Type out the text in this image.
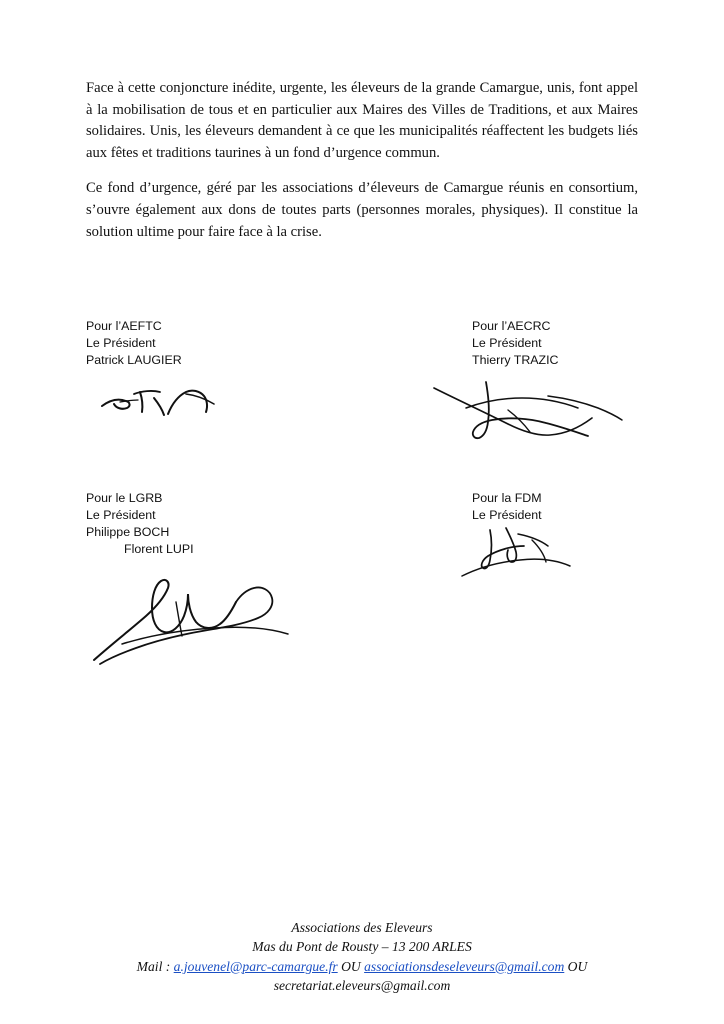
Face à cette conjoncture inédite, urgente, les éleveurs de la grande Camargue, unis, font appel à la mobilisation de tous et en particulier aux Maires des Villes de Traditions, et aux Maires solidaires. Unis, les éleveurs demandent à ce que les municipalités réaffectent les budgets liés aux fêtes et traditions taurines à un fond d’urgence commun.

Ce fond d’urgence, géré par les associations d’éleveurs de Camargue réunis en consortium, s’ouvre également aux dons de toutes parts (personnes morales, physiques). Il constitue la solution ultime pour faire face à la crise.

Pour l’AEFTC
Le Président
Patrick LAUGIER
Pour l’AECRC
Le Président
Thierry TRAZIC
Pour le LGRB
Le Président
Philippe BOCH
Florent LUPI
Pour la FDM
Le Président
Associations des Eleveurs
Mas du Pont de Rousty – 13 200 ARLES
Mail : a.jouvenel@parc-camargue.fr OU associationsdeseleveurs@gmail.com OU
secretariat.eleveurs@gmail.com
